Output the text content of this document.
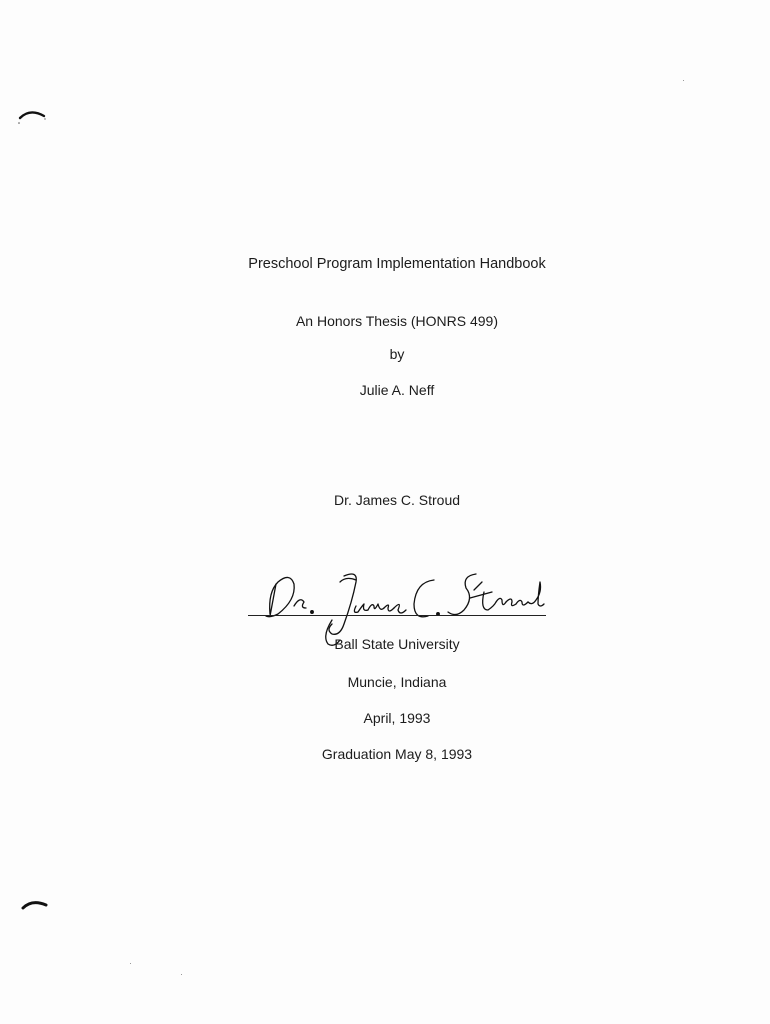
Preschool Program Implementation Handbook
An Honors Thesis (HONRS 499)
by
Julie A. Neff
Dr. James C. Stroud
Ball State University
Muncie, Indiana
April, 1993
Graduation May 8, 1993
